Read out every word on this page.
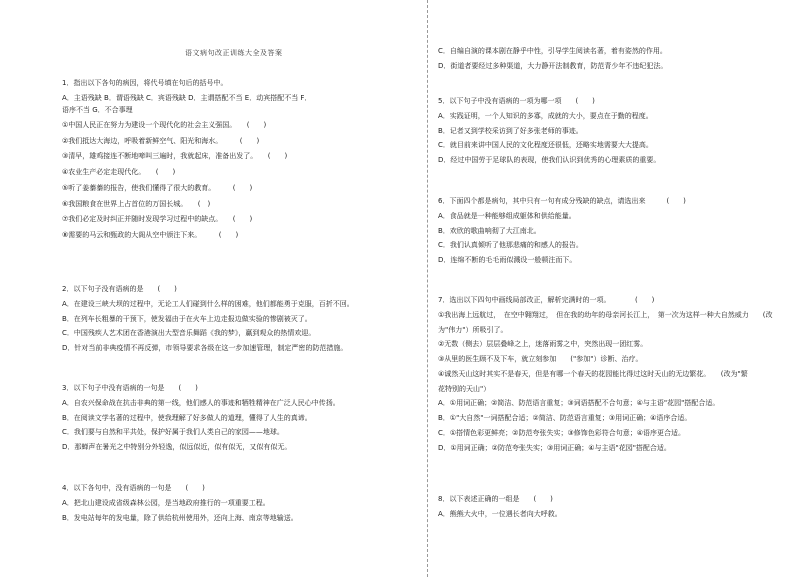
语文病句改正训练大全及答案
1．指出以下各句的病因，将代号填在句后的括号中。
A．主语残缺 B．谓语残缺 C．宾语残缺 D．主谓搭配不当 E．动宾搭配不当 F．
语序不当 G．不合事理
①中国人民正在努力为建设一个现代化的社会主义强国。　　(　　)
②我们抵达大海边，呼吸着新鲜空气、阳光和海水。　　　(　　)
③清早，雄鸡接连不断地啼叫三遍时，我就起床，准备出发了。　　(　　)
④农业生产必定走现代化。　　(　　)
⑤听了姜蓁蓁的报告，使我们懂得了很大的教育。　　　(　　)
⑥我国粮食在世界上占首位的万国长城。　　(　)
⑦我们必定及时纠正并随时发现学习过程中的缺点。　　(　　)
⑧需要的马云和甄政的大阁从空中颁注下来。　　　(　　)
2．以下句子没有语病的是　　(　　)
A．在建设三峡大坝的过程中，无论工人们碰到什么样的困难，他们都能勇于克服，百折不回。
B．在列车长粗暴的干预下，使发福由于在火车上边走报边做实验的惨剧被灭了。
C．中国残疾人艺术团在香港演出大型音乐舞蹈《我的梦》，赢到观众的热情欢迎。
D．针对当前非典疫情不再反弹，市领导要求各级在这一步加速管理，制定严密的防范措施。
3．以下句子中没有语病的一句是　　(　　)
A．自农兴保命战在抗击非典的第一线，他们感人的事迹和牺牲精神在广泛人民心中传扬。
B．在阅读文学名著的过程中，使我理解了好多做人的道理，懂得了人生的真谛。
C．我们要与自然和平共处，保护好属于我们人类自己的家园——地球。
D．那蝉声在暑光之中特别分外轻逸，似远似近，似有似无，又似有似无。
4．以下各句中，没有语病的一句是　　(　　)
A．把北山建设成省级森林公园，是当地政府推行的一项重要工程。
B．发电站每年的发电量，除了供给杭州使用外，还向上海、南京等地输送。
C．自编自演的课本剧在静乎中性，引导学生阅读名著，着有姿然的作用。
D．街道者要经过多种渠道，大力静开法制教育，防范青少年不违纪犯法。
5．以下句子中没有语病的一项为哪一项　　(　　)
A．实践证明，一个人知识的多寡，成就的大小，要点在于勤的程度。
B．记者又到学校采访到了好多张老师的事迹。
C．就目前来讲中国人民的文化程度还很低，还略实地需要大大提高。
D．经过中国劳于足球队的表现，使我们认识到优秀的心理素质的重要。
6．下面四个都是病句，其中只有一句有成分残缺的缺点，请选出来　　　(　　)
A．食品就是一种能够组成躯体和供给能量。
B．欢欣的歌曲响彻了大江南北。
C．我们认真倾听了他那悲痛的和感人的报告。
D．连绵不断的毛毛雨似溅设一般顿注而下。
7．选出以下四句中画线局部改正，解析完满时的一项。　　　　(　　)
①我出海上远航过，　在空中翱翔过，　但在我的幼年的母亲河长江上，　第一次为这样一种大自然威力　　(改
为"伟力"）所吸引了。
②无数（侧去）层层叠峰之上，迷落雨雾之中，突然出现一团红雾。
③从里的医生顾不及下车，就立刻参加　　("参加"）诊断、治疗。
④诚然天山这时其实不是春天，但是有哪一个春天的花园能比得过这时天山的无边繁花。　　(改为"繁
花特别的天山"）
A．①用词正确；②简洁、防范语言重复；③词语搭配不合句意；④与主语"花园"搭配合适。
B．①"大自然"一词搭配合适；②简洁、防范语言重复；③用词正确；④语序合适。
C．①搭情色彩更鲜亮；②防范夸张失实；③修饰色彩符合句意；④语序更合适。
D．①用词正确；②防范夸张失实；③用词正确；④与主语"花园"搭配合适。
8．以下表述正确的一组是　　(　　)
A．熊熊大火中，一位遇长者向大呼救。
